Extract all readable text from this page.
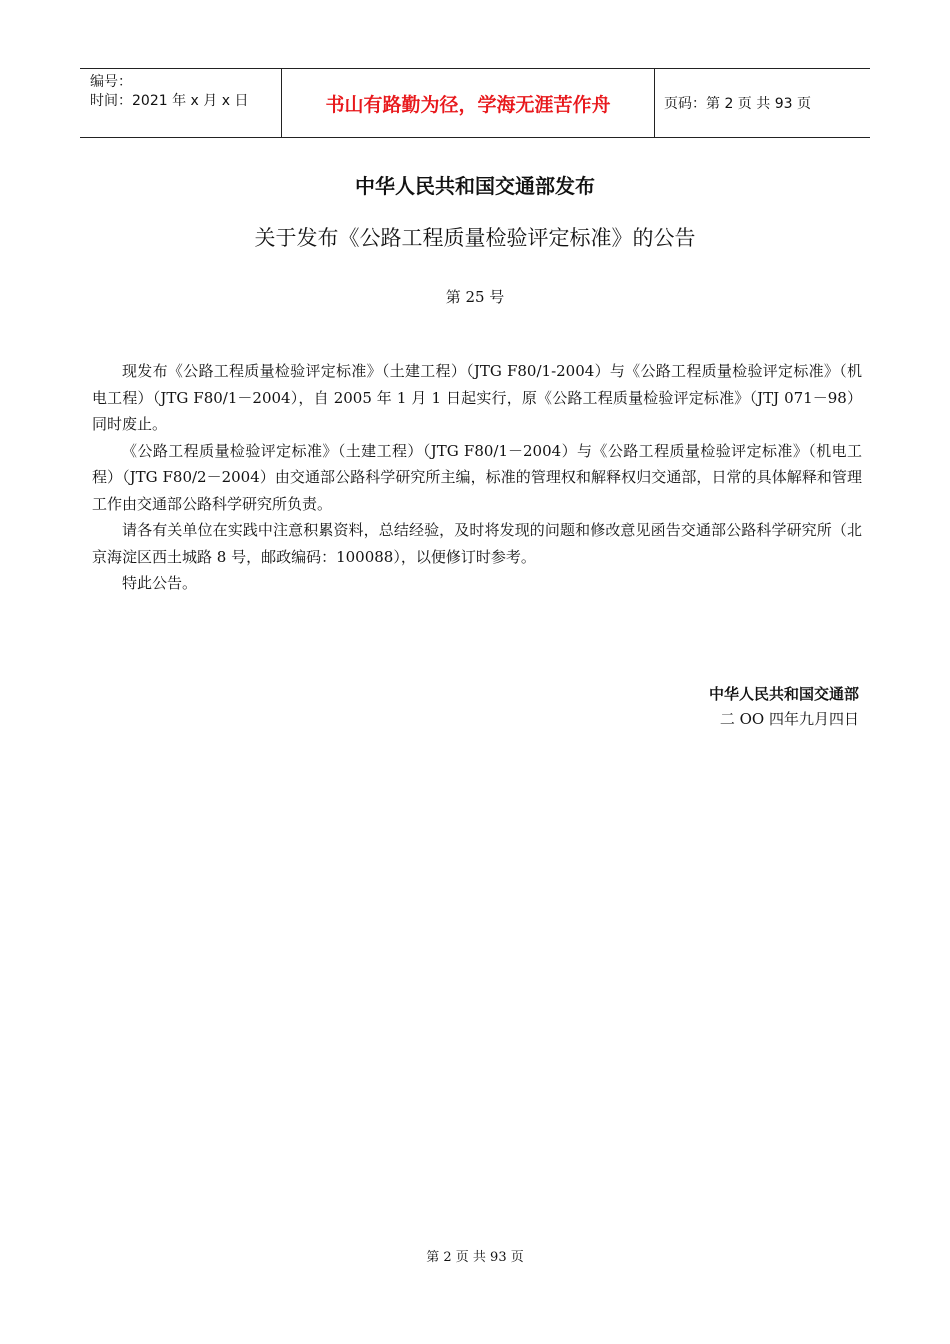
编号：
时间：2021 年 x 月 x 日	书山有路勤为径，学海无涯苦作舟	页码：第 2 页 共 93 页
中华人民共和国交通部发布
关于发布《公路工程质量检验评定标准》的公告
第 25 号

现发布《公路工程质量检验评定标准》（土建工程）（JTG F80/1-2004）与《公路工程质量检验评定标准》（机电工程）（JTG F80/1－2004），自 2005 年 1 月 1 日起实行，原《公路工程质量检验评定标准》（JTJ 071－98）同时废止。

《公路工程质量检验评定标准》（土建工程）（JTG F80/1－2004）与《公路工程质量检验评定标准》（机电工程）（JTG F80/2－2004）由交通部公路科学研究所主编，标准的管理权和解释权归交通部，日常的具体解释和管理工作由交通部公路科学研究所负责。

请各有关单位在实践中注意积累资料，总结经验，及时将发现的问题和修改意见函告交通部公路科学研究所（北京海淀区西土城路 8 号，邮政编码：100088），以便修订时参考。

特此公告。

中华人民共和国交通部
二 OO 四年九月四日
第 2 页 共 93 页
